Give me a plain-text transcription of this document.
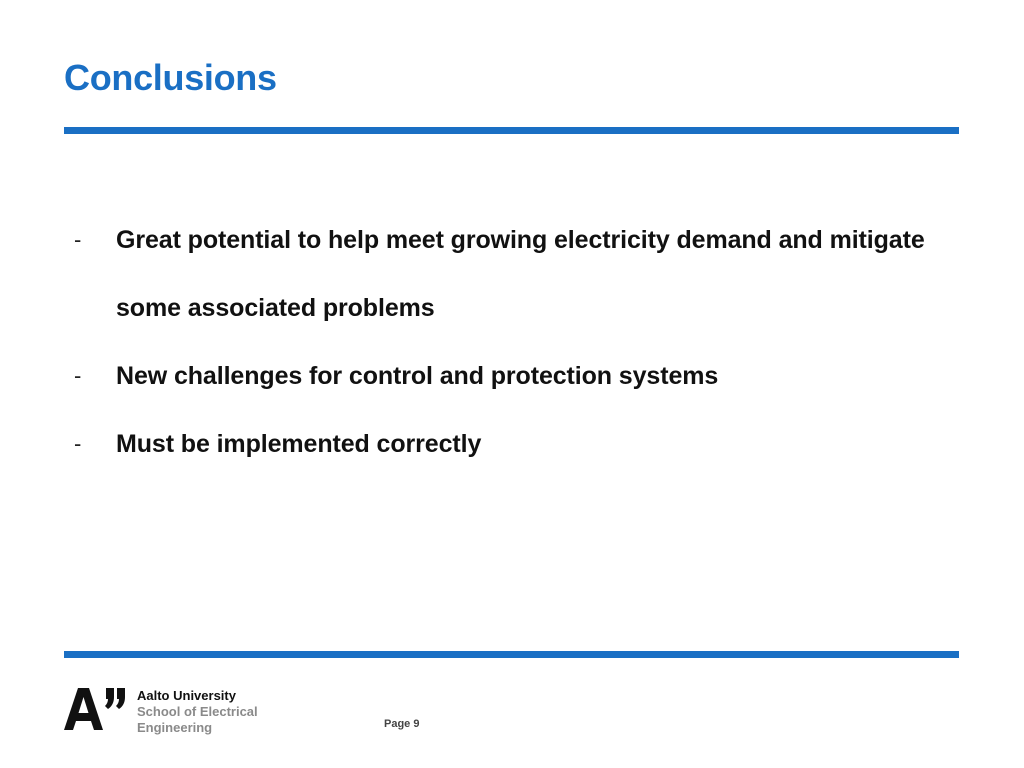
Conclusions
- Great potential to help meet growing electricity demand and mitigate some associated problems
- New challenges for control and protection systems
- Must be implemented correctly
Aalto University
School of Electrical
Engineering	Page 9
